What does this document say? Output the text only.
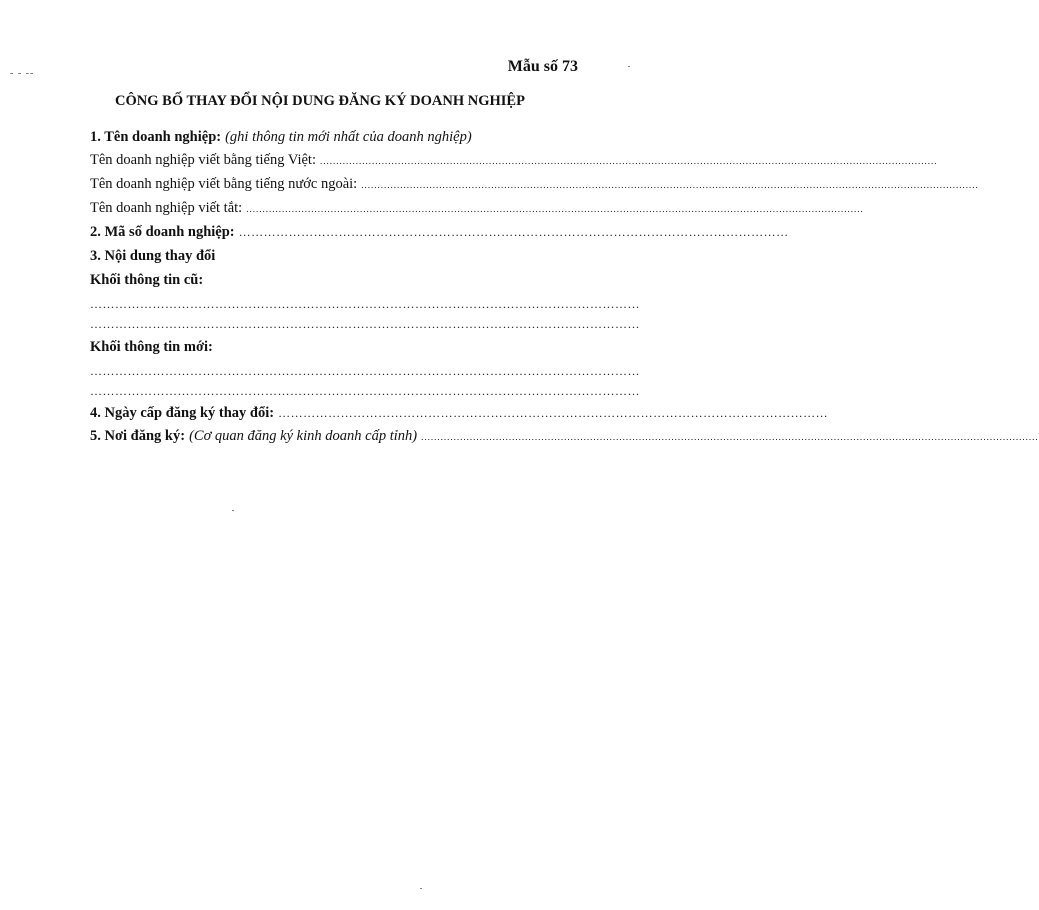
- - --	Mẫu số 73
CÔNG BỐ THAY ĐỔI NỘI DUNG ĐĂNG KÝ DOANH NGHIỆP
1. Tên doanh nghiệp: (ghi thông tin mới nhất của doanh nghiệp)
Tên doanh nghiệp viết bằng tiếng Việt: ..............................................................................................................................................................................................
Tên doanh nghiệp viết bằng tiếng nước ngoài: ..............................................................................................................................................................................................
Tên doanh nghiệp viết tắt: ..............................................................................................................................................................................................
2. Mã số doanh nghiệp: ……………………………………………………………………………………………………………………
3. Nội dung thay đổi
Khối thông tin cũ:
……………………………………………………………………………………………………………………
……………………………………………………………………………………………………………………
Khối thông tin mới:
……………………………………………………………………………………………………………………
……………………………………………………………………………………………………………………
4. Ngày cấp đăng ký thay đổi: ……………………………………………………………………………………………………………………
5. Nơi đăng ký: (Cơ quan đăng ký kinh doanh cấp tỉnh) ..............................................................................................................................................................................................
